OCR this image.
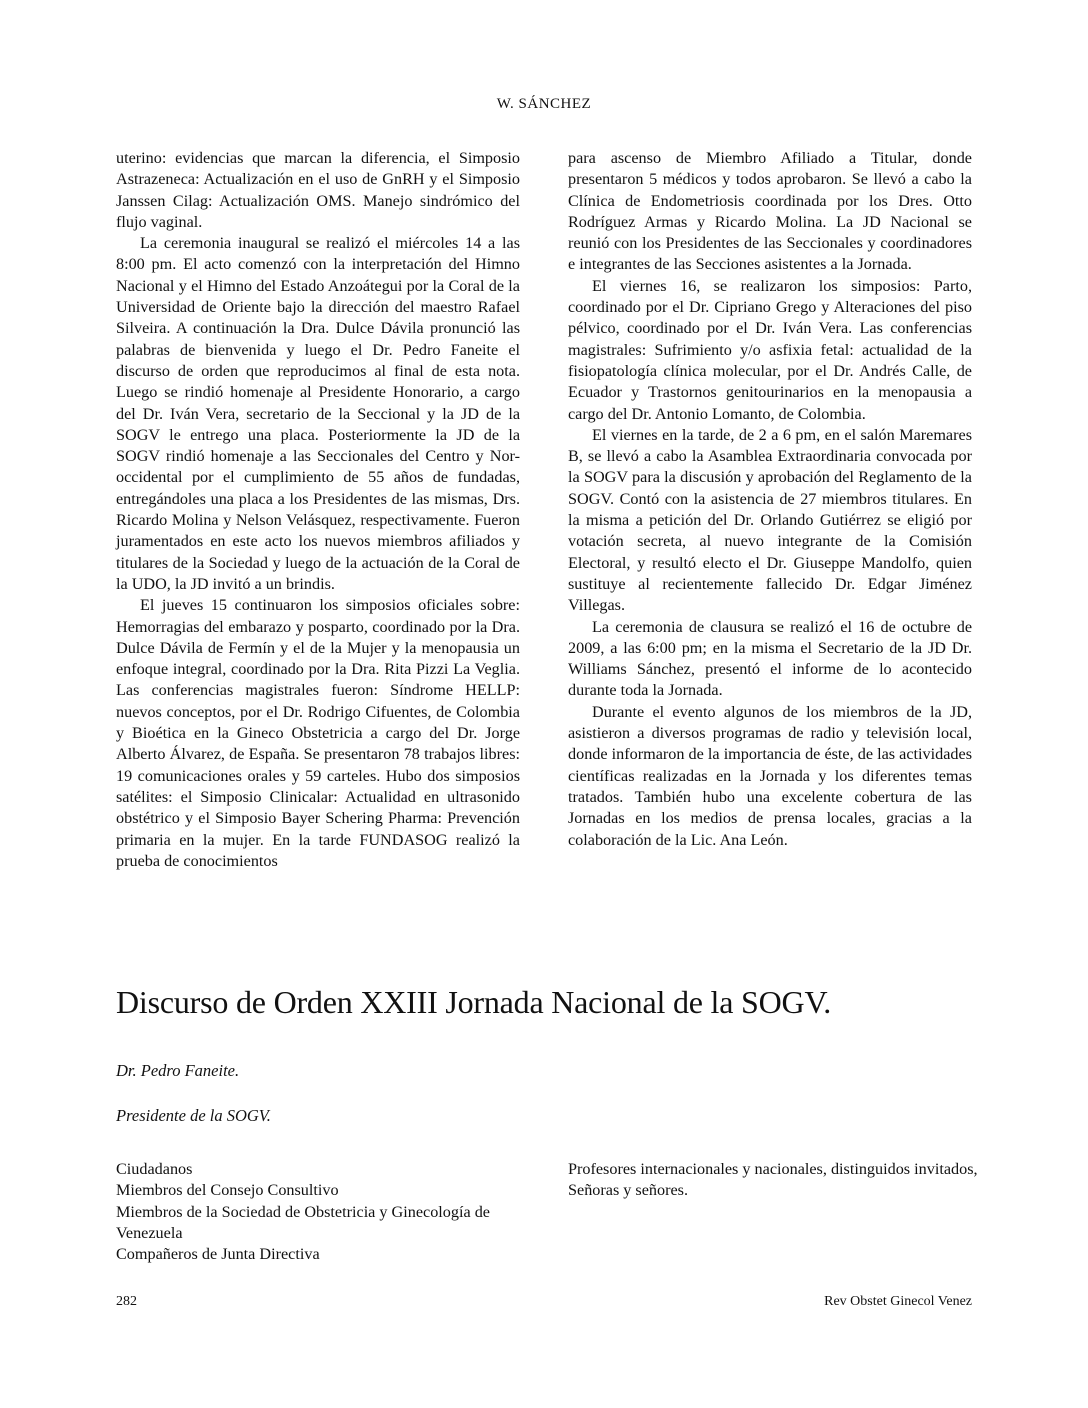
W. SÁNCHEZ

uterino: evidencias que marcan la diferencia, el Simposio Astrazeneca: Actualización en el uso de GnRH y el Simposio Janssen Cilag: Actualización OMS. Manejo sindrómico del flujo vaginal.

La ceremonia inaugural se realizó el miércoles 14 a las 8:00 pm. El acto comenzó con la interpretación del Himno Nacional y el Himno del Estado Anzoátegui por la Coral de la Universidad de Oriente bajo la dirección del maestro Rafael Silveira. A continuación la Dra. Dulce Dávila pronunció las palabras de bienvenida y luego el Dr. Pedro Faneite el discurso de orden que reproducimos al final de esta nota. Luego se rindió homenaje al Presidente Honorario, a cargo del Dr. Iván Vera, secretario de la Seccional y la JD de la SOGV le entrego una placa. Posteriormente la JD de la SOGV rindió homenaje a las Seccionales del Centro y Nor-occidental por el cumplimiento de 55 años de fundadas, entregándoles una placa a los Presidentes de las mismas, Drs. Ricardo Molina y Nelson Velásquez, respectivamente. Fueron juramentados en este acto los nuevos miembros afiliados y titulares de la Sociedad y luego de la actuación de la Coral de la UDO, la JD invitó a un brindis.

El jueves 15 continuaron los simposios oficiales sobre: Hemorragias del embarazo y posparto, coordinado por la Dra. Dulce Dávila de Fermín y el de la Mujer y la menopausia un enfoque integral, coordinado por la Dra. Rita Pizzi La Veglia. Las conferencias magistrales fueron: Síndrome HELLP: nuevos conceptos, por el Dr. Rodrigo Cifuentes, de Colombia y Bioética en la Gineco Obstetricia a cargo del Dr. Jorge Alberto Álvarez, de España. Se presentaron 78 trabajos libres: 19 comunicaciones orales y 59 carteles. Hubo dos simposios satélites: el Simposio Clinicalar: Actualidad en ultrasonido obstétrico y el Simposio Bayer Schering Pharma: Prevención primaria en la mujer. En la tarde FUNDASOG realizó la prueba de conocimientos

para ascenso de Miembro Afiliado a Titular, donde presentaron 5 médicos y todos aprobaron. Se llevó a cabo la Clínica de Endometriosis coordinada por los Dres. Otto Rodríguez Armas y Ricardo Molina. La JD Nacional se reunió con los Presidentes de las Seccionales y coordinadores e integrantes de las Secciones asistentes a la Jornada.

El viernes 16, se realizaron los simposios: Parto, coordinado por el Dr. Cipriano Grego y Alteraciones del piso pélvico, coordinado por el Dr. Iván Vera. Las conferencias magistrales: Sufrimiento y/o asfixia fetal: actualidad de la fisiopatología clínica molecular, por el Dr. Andrés Calle, de Ecuador y Trastornos genitourinarios en la menopausia a cargo del Dr. Antonio Lomanto, de Colombia.

El viernes en la tarde, de 2 a 6 pm, en el salón Maremares B, se llevó a cabo la Asamblea Extraordinaria convocada por la SOGV para la discusión y aprobación del Reglamento de la SOGV. Contó con la asistencia de 27 miembros titulares. En la misma a petición del Dr. Orlando Gutiérrez se eligió por votación secreta, al nuevo integrante de la Comisión Electoral, y resultó electo el Dr. Giuseppe Mandolfo, quien sustituye al recientemente fallecido Dr. Edgar Jiménez Villegas.

La ceremonia de clausura se realizó el 16 de octubre de 2009, a las 6:00 pm; en la misma el Secretario de la JD Dr. Williams Sánchez, presentó el informe de lo acontecido durante toda la Jornada.

Durante el evento algunos de los miembros de la JD, asistieron a diversos programas de radio y televisión local, donde informaron de la importancia de éste, de las actividades científicas realizadas en la Jornada y los diferentes temas tratados. También hubo una excelente cobertura de las Jornadas en los medios de prensa locales, gracias a la colaboración de la Lic. Ana León.

Discurso de Orden XXIII Jornada Nacional de la SOGV.
Dr. Pedro Faneite.
Presidente de la SOGV.
Ciudadanos
Miembros del Consejo Consultivo
Miembros de la Sociedad de Obstetricia y Ginecología de Venezuela
Compañeros de Junta Directiva
Profesores internacionales y nacionales, distinguidos invitados,
Señoras y señores.
282	Rev Obstet Ginecol Venez
